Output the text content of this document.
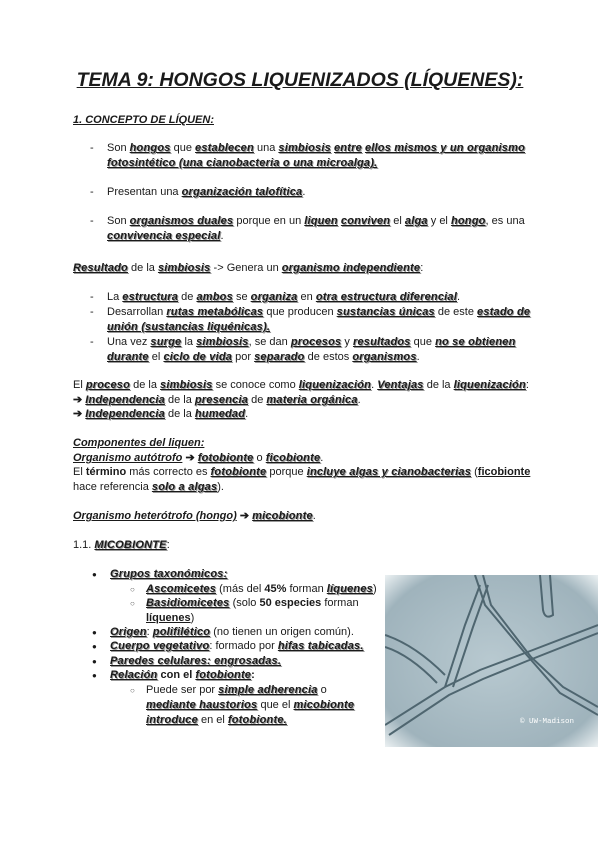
TEMA 9: HONGOS LIQUENIZADOS (LÍQUENES):
1. CONCEPTO DE LÍQUEN:
- Son hongos que establecen una simbiosis entre ellos mismos y un organismo fotosintético (una cianobacteria o una microalga).
- Presentan una organización talofítica.
- Son organismos duales porque en un liquen conviven el alga y el hongo, es una convivencia especial.
Resultado de la simbiosis -> Genera un organismo independiente:
- La estructura de ambos se organiza en otra estructura diferencial.
- Desarrollan rutas metabólicas que producen sustancias únicas de este estado de unión (sustancias liquénicas).
- Una vez surge la simbiosis, se dan procesos y resultados que no se obtienen durante el ciclo de vida por separado de estos organismos.
El proceso de la simbiosis se conoce como liquenización. Ventajas de la liquenización:
➔ Independencia de la presencia de materia orgánica.
➔ Independencia de la humedad.
Componentes del liquen:
Organismo autótrofo ➔ fotobionte o ficobionte.
El término más correcto es fotobionte porque incluye algas y cianobacterias (ficobionte hace referencia solo a algas).
Organismo heterótrofo (hongo) ➔ micobionte.
1.1. MICOBIONTE:
● Grupos taxonómicos:
○ Ascomicetes (más del 45% forman líquenes)
○ Basidiomicetes (solo 50 especies forman líquenes)
● Origen: polifilético (no tienen un origen común).
● Cuerpo vegetativo: formado por hifas tabicadas.
● Paredes celulares: engrosadas.
● Relación con el fotobionte:
○ Puede ser por simple adherencia o mediante haustorios que el micobionte introduce en el fotobionte.	© UW-Madison
